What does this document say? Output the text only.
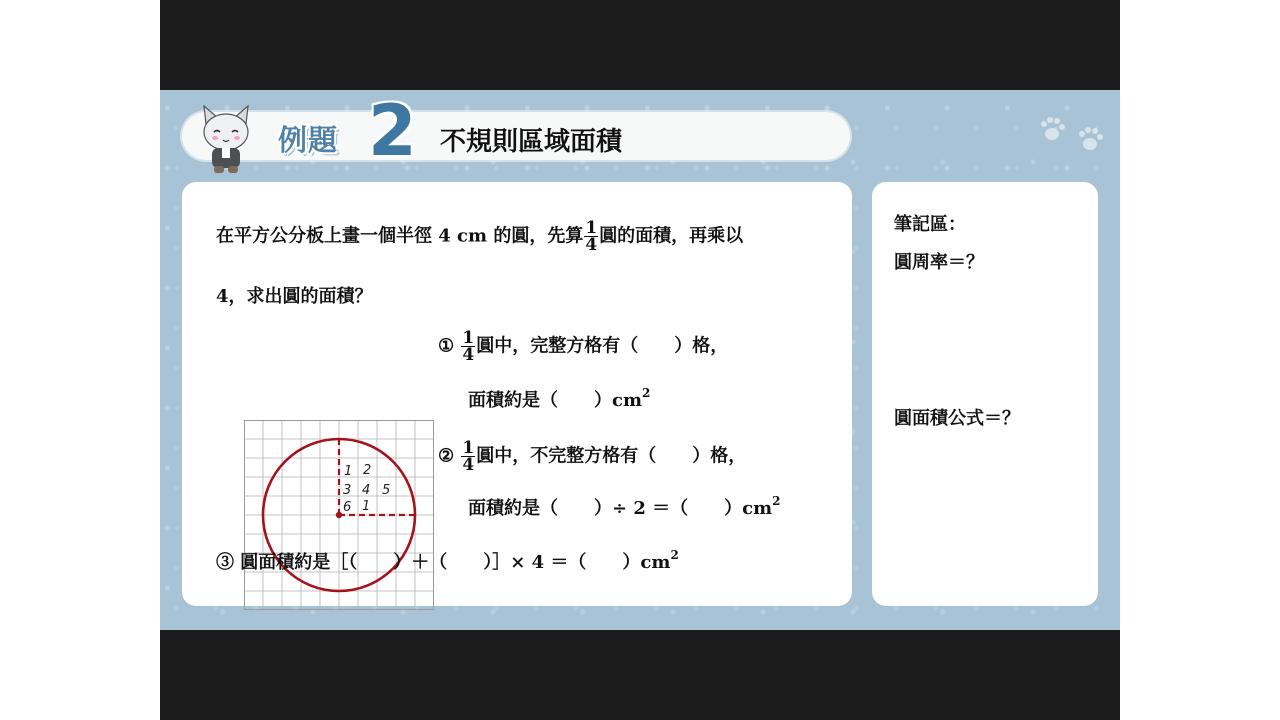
例題 2 不規則區域面積
在平方公分板上畫一個半徑 4 cm 的圓，先算 $\frac{1}{4}$ 圓的面積，再乘以
4，求出圓的面積？
1 2
3 4 5
6 1
① $\frac{1}{4}$ 圓中，完整方格有（　　）格，
面積約是（　　）$cm^2$
② $\frac{1}{4}$ 圓中，不完整方格有（　　）格，
面積約是（　　）÷ 2 ＝（　　）$cm^2$
③ 圓面積約是［（　　）＋（　　）］× 4 ＝（　　）$cm^2$
筆記區：
圓周率＝？
圓面積公式＝？
